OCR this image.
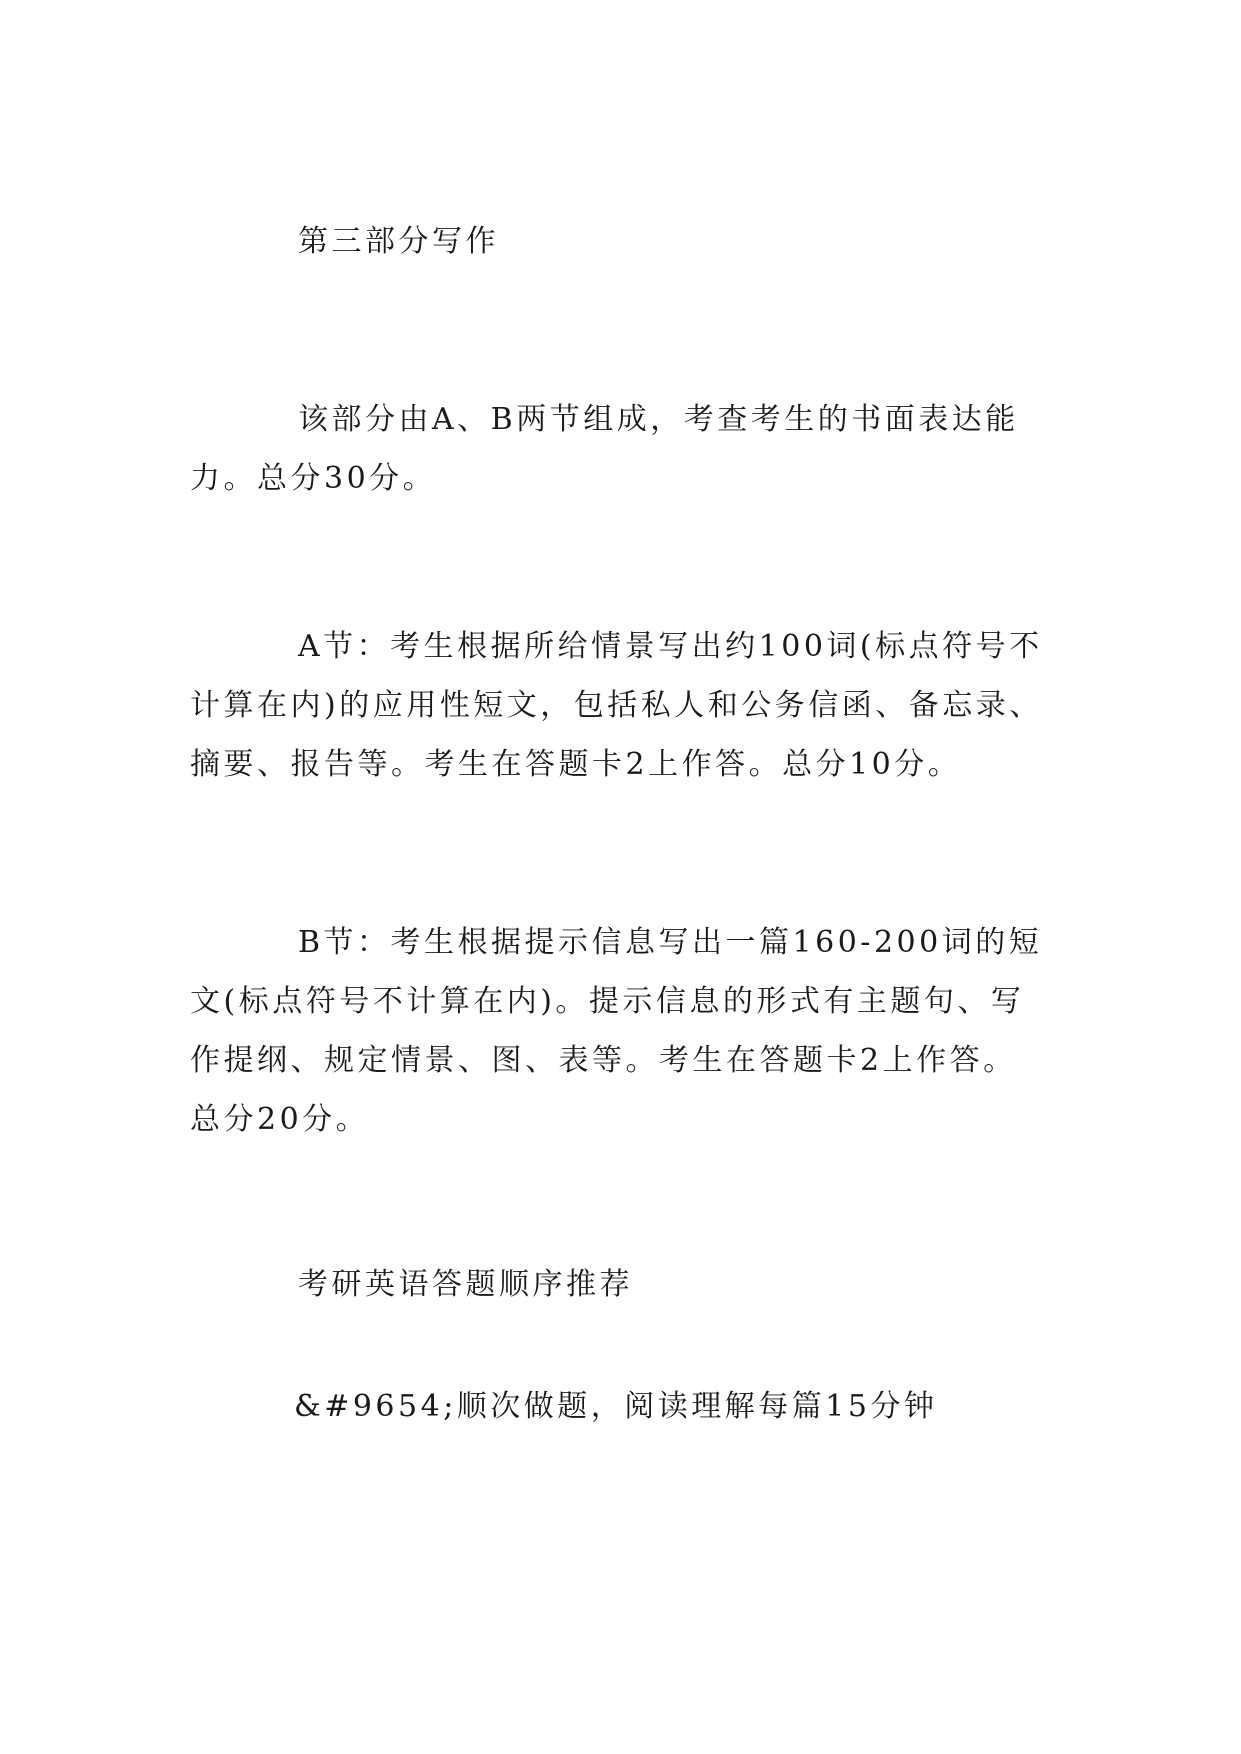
第三部分写作

该部分由A、B两节组成，考查考生的书面表达能力。总分30分。

A节：考生根据所给情景写出约100词(标点符号不计算在内)的应用性短文，包括私人和公务信函、备忘录、摘要、报告等。考生在答题卡2上作答。总分10分。

B节：考生根据提示信息写出一篇160-200词的短文(标点符号不计算在内)。提示信息的形式有主题句、写作提纲、规定情景、图、表等。考生在答题卡2上作答。总分20分。

考研英语答题顺序推荐

&#9654;顺次做题，阅读理解每篇15分钟
